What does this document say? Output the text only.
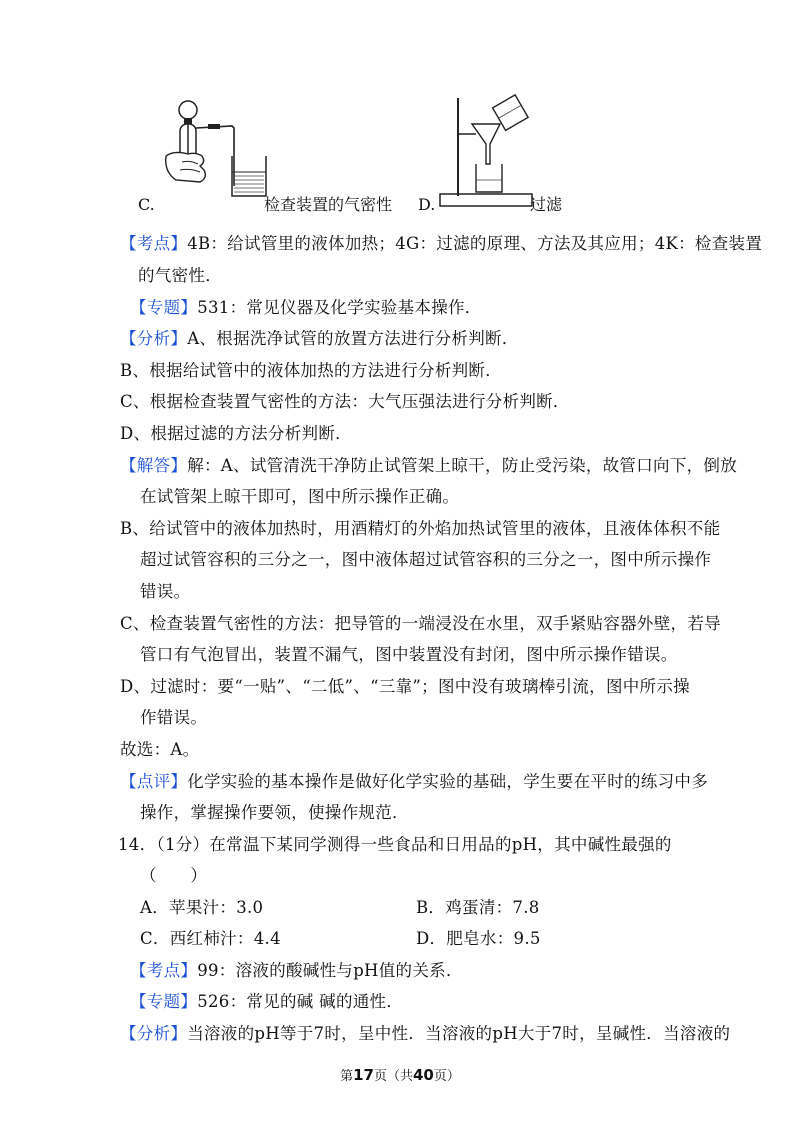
C.	检查装置的气密性 D.	过滤
【考点】4B：给试管里的液体加热；4G：过滤的原理、方法及其应用；4K：检查装置
的气密性．
【专题】531：常见仪器及化学实验基本操作．
【分析】A、根据洗净试管的放置方法进行分析判断．
B、根据给试管中的液体加热的方法进行分析判断．
C、根据检查装置气密性的方法：大气压强法进行分析判断．
D、根据过滤的方法分析判断．
【解答】解：A、试管清洗干净防止试管架上晾干，防止受污染，故管口向下，倒放
在试管架上晾干即可，图中所示操作正确。
B、给试管中的液体加热时，用酒精灯的外焰加热试管里的液体，且液体体积不能
超过试管容积的三分之一，图中液体超过试管容积的三分之一，图中所示操作
错误。
C、检查装置气密性的方法：把导管的一端浸没在水里，双手紧贴容器外壁，若导
管口有气泡冒出，装置不漏气，图中装置没有封闭，图中所示操作错误。
D、过滤时：要“一贴”、“二低”、“三靠”；图中没有玻璃棒引流，图中所示操
作错误。
故选：A。
【点评】化学实验的基本操作是做好化学实验的基础，学生要在平时的练习中多
操作，掌握操作要领，使操作规范．
14．（1分）在常温下某同学测得一些食品和日用品的pH，其中碱性最强的
（　　）
A．苹果汁：3.0	B．鸡蛋清：7.8
C．西红柿汁：4.4	D．肥皂水：9.5
【考点】99：溶液的酸碱性与pH值的关系．
【专题】526：常见的碱 碱的通性．
【分析】当溶液的pH等于7时，呈中性．当溶液的pH大于7时，呈碱性．当溶液的
第17页（共40页）
